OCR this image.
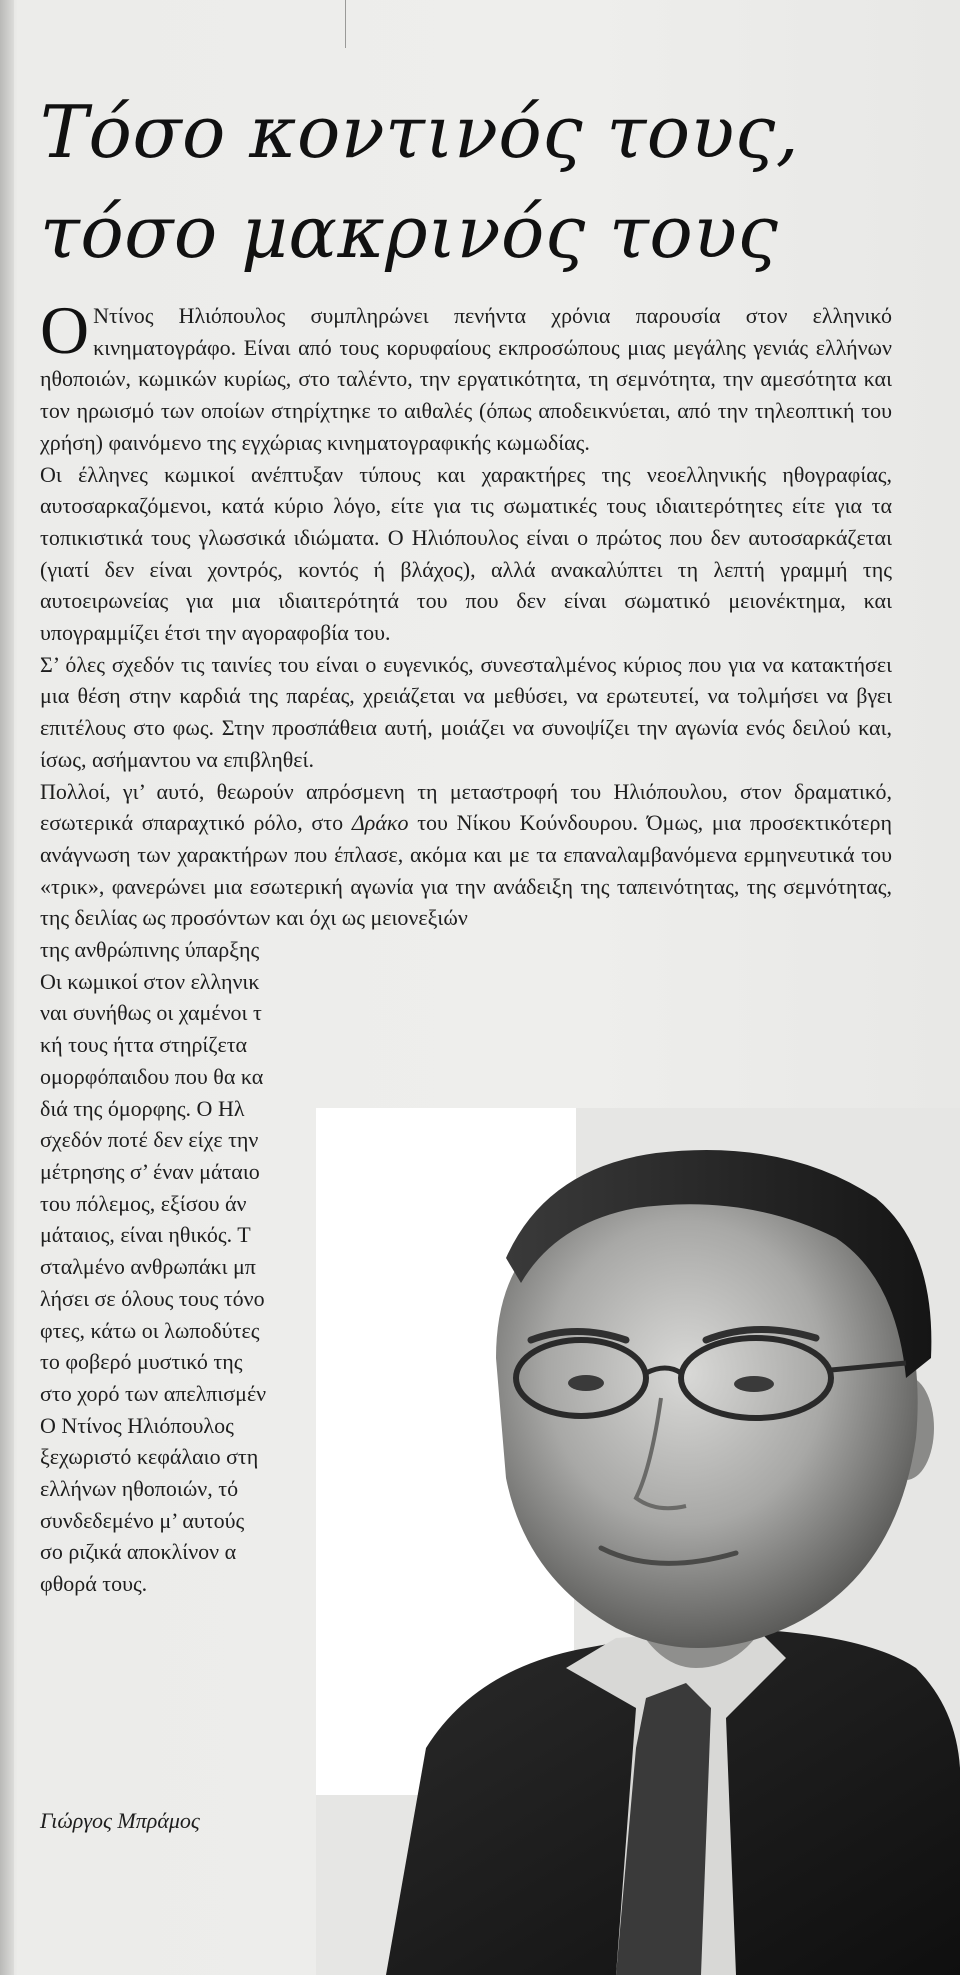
Τόσο κοντινός τους,
τόσο μακρινός τους

Ο Ντίνος Ηλιόπουλος συμπληρώνει πενήντα χρόνια παρουσία στον ελληνικό κινηματογράφο. Είναι από τους κορυφαίους εκπροσώπους μιας μεγάλης γενιάς ελλήνων ηθοποιών, κωμικών κυρίως, στο ταλέντο, την εργατικότητα, τη σεμνότητα, την αμεσότητα και τον ηρωισμό των οποίων στηρίχτηκε το αιθαλές (όπως αποδεικνύεται, από την τηλεοπτική του χρήση) φαινόμενο της εγχώριας κινηματογραφικής κωμωδίας.

Οι έλληνες κωμικοί ανέπτυξαν τύπους και χαρακτήρες της νεοελληνικής ηθογραφίας, αυτοσαρκαζόμενοι, κατά κύριο λόγο, είτε για τις σωματικές τους ιδιαιτερότητες είτε για τα τοπικιστικά τους γλωσσικά ιδιώματα. Ο Ηλιόπουλος είναι ο πρώτος που δεν αυτοσαρκάζεται (γιατί δεν είναι χοντρός, κοντός ή βλάχος), αλλά ανακαλύπτει τη λεπτή γραμμή της αυτοειρωνείας για μια ιδιαιτερότητά του που δεν είναι σωματικό μειονέκτημα, και υπογραμμίζει έτσι την αγοραφοβία του.

Σ’ όλες σχεδόν τις ταινίες του είναι ο ευγενικός, συνεσταλμένος κύριος που για να κατακτήσει μια θέση στην καρδιά της παρέας, χρειάζεται να μεθύσει, να ερωτευτεί, να τολμήσει να βγει επιτέλους στο φως. Στην προσπάθεια αυτή, μοιάζει να συνοψίζει την αγωνία ενός δειλού και, ίσως, ασήμαντου να επιβληθεί.

Πολλοί, γι’ αυτό, θεωρούν απρόσμενη τη μεταστροφή του Ηλιόπουλου, στον δραματικό, εσωτερικά σπαραχτικό ρόλο, στο Δράκο του Νίκου Κούνδουρου. Όμως, μια προσεκτικότερη ανάγνωση των χαρακτήρων που έπλασε, ακόμα και με τα επαναλαμβανόμενα ερμηνευτικά του «τρικ», φανερώνει μια εσωτερική αγωνία για την ανάδειξη της ταπεινότητας, της σεμνότητας, της δειλίας ως προσόντων και όχι ως μειονεξιών

της ανθρώπινης ύπαρξης
Οι κωμικοί στον ελληνικ
ναι συνήθως οι χαμένοι τ
κή τους ήττα στηρίζετα
ομορφόπαιδου που θα κα
διά της όμορφης. Ο Ηλ
σχεδόν ποτέ δεν είχε την
μέτρησης σ’ έναν μάταιο
του πόλεμος, εξίσου άν
μάταιος, είναι ηθικός. Τ
σταλμένο ανθρωπάκι μπ
λήσει σε όλους τους τόνο
φτες, κάτω οι λωποδύτες
το φοβερό μυστικό της
στο χορό των απελπισμέν
Ο Ντίνος Ηλιόπουλος
ξεχωριστό κεφάλαιο στη
ελλήνων ηθοποιών, τό
συνδεδεμένο μ’ αυτούς
σο ριζικά αποκλίνον α
φθορά τους.
Γιώργος Μπράμος
